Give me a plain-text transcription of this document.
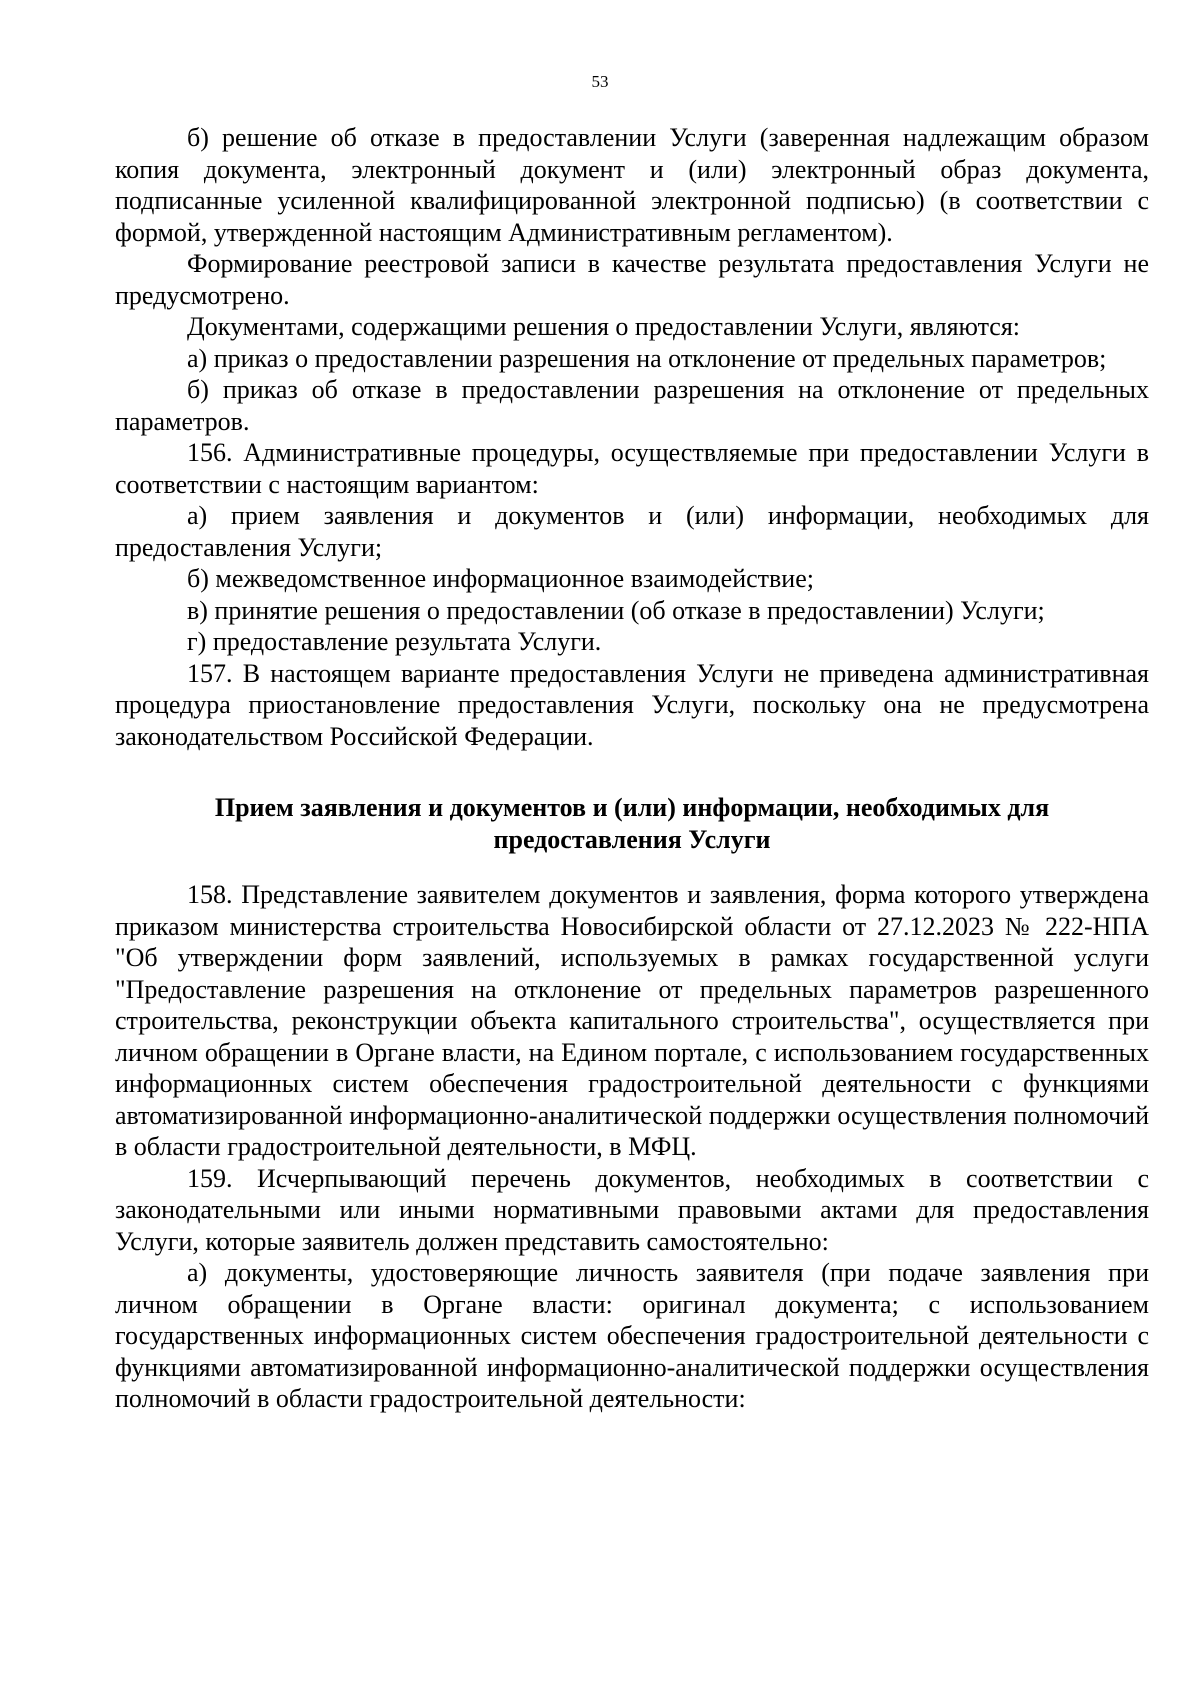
53

б) решение об отказе в предоставлении Услуги (заверенная надлежащим образом копия документа, электронный документ и (или) электронный образ документа, подписанные усиленной квалифицированной электронной подписью) (в соответствии с формой, утвержденной настоящим Административным регламентом).

Формирование реестровой записи в качестве результата предоставления Услуги не предусмотрено.

Документами, содержащими решения о предоставлении Услуги, являются:

а) приказ о предоставлении разрешения на отклонение от предельных параметров;

б) приказ об отказе в предоставлении разрешения на отклонение от предельных параметров.

156. Административные процедуры, осуществляемые при предоставлении Услуги в соответствии с настоящим вариантом:

а) прием заявления и документов и (или) информации, необходимых для предоставления Услуги;

б) межведомственное информационное взаимодействие;

в) принятие решения о предоставлении (об отказе в предоставлении) Услуги;

г) предоставление результата Услуги.

157. В настоящем варианте предоставления Услуги не приведена административная процедура приостановление предоставления Услуги, поскольку она не предусмотрена законодательством Российской Федерации.

Прием заявления и документов и (или) информации, необходимых для предоставления Услуги

158. Представление заявителем документов и заявления, форма которого утверждена приказом министерства строительства Новосибирской области от 27.12.2023 № 222-НПА "Об утверждении форм заявлений, используемых в рамках государственной услуги "Предоставление разрешения на отклонение от предельных параметров разрешенного строительства, реконструкции объекта капитального строительства", осуществляется при личном обращении в Органе власти, на Едином портале, с использованием государственных информационных систем обеспечения градостроительной деятельности с функциями автоматизированной информационно-аналитической поддержки осуществления полномочий в области градостроительной деятельности, в МФЦ.

159. Исчерпывающий перечень документов, необходимых в соответствии с законодательными или иными нормативными правовыми актами для предоставления Услуги, которые заявитель должен представить самостоятельно:

а) документы, удостоверяющие личность заявителя (при подаче заявления при личном обращении в Органе власти: оригинал документа; с использованием государственных информационных систем обеспечения градостроительной деятельности с функциями автоматизированной информационно-аналитической поддержки осуществления полномочий в области градостроительной деятельности:
